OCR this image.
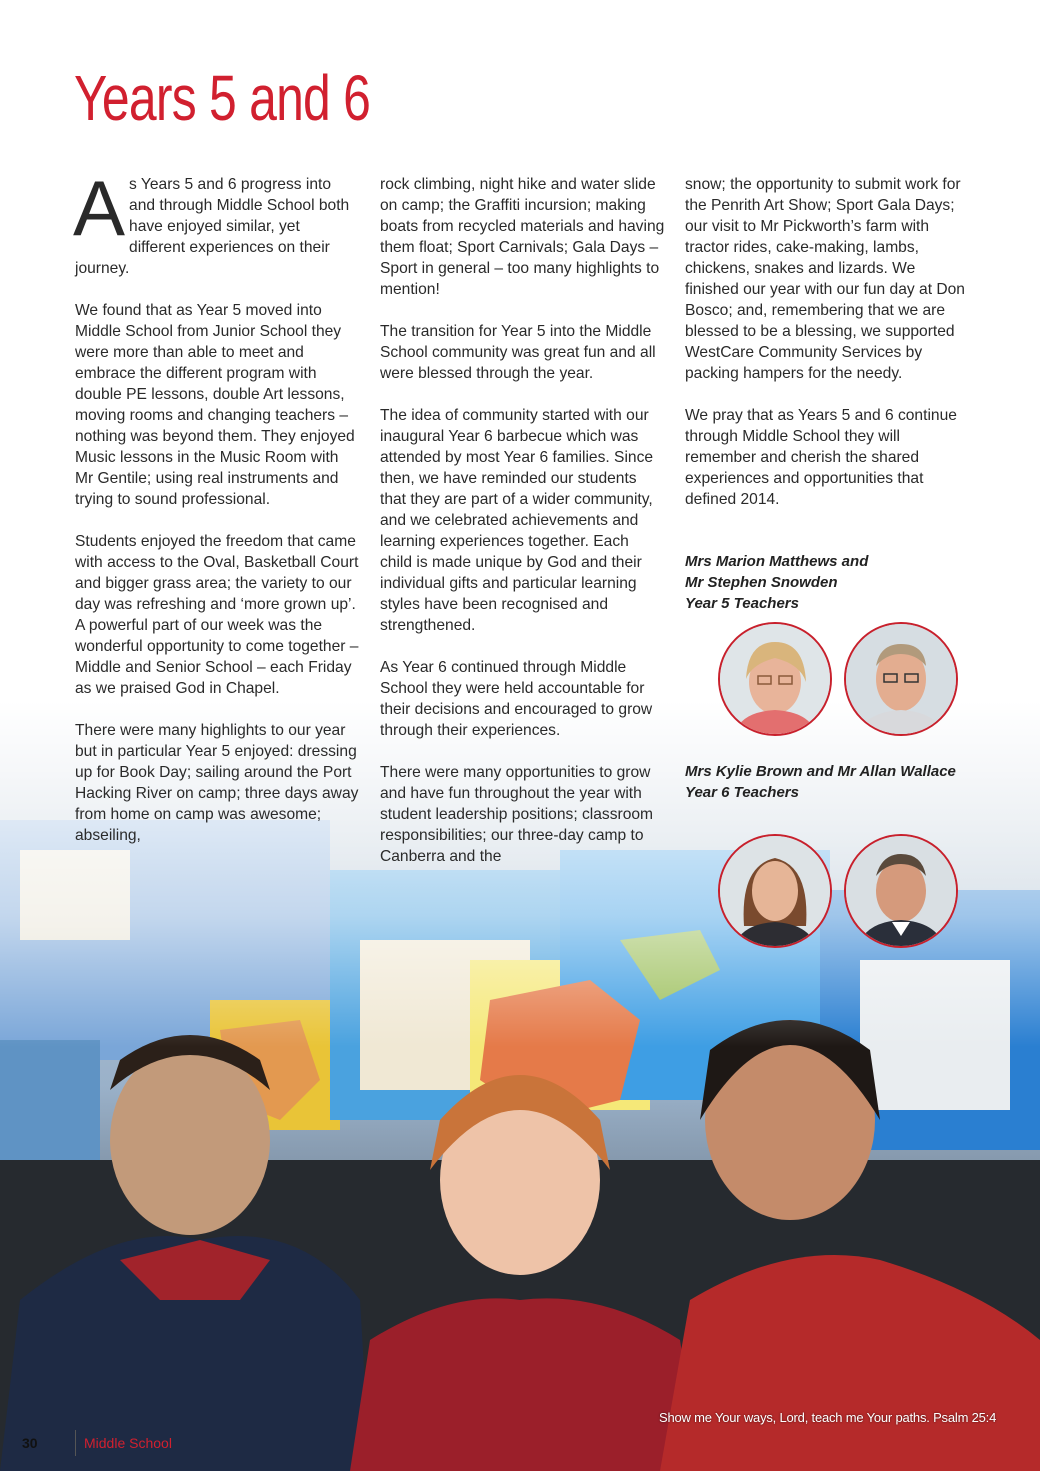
Years 5 and 6

As Years 5 and 6 progress into and through Middle School both have enjoyed similar, yet different experiences on their journey.

We found that as Year 5 moved into Middle School from Junior School they were more than able to meet and embrace the different program with double PE lessons, double Art lessons, moving rooms and changing teachers – nothing was beyond them. They enjoyed Music lessons in the Music Room with Mr Gentile; using real instruments and trying to sound professional.

Students enjoyed the freedom that came with access to the Oval, Basketball Court and bigger grass area; the variety to our day was refreshing and ‘more grown up’. A powerful part of our week was the wonderful opportunity to come together – Middle and Senior School – each Friday as we praised God in Chapel.

There were many highlights to our year but in particular Year 5 enjoyed: dressing up for Book Day; sailing around the Port Hacking River on camp; three days away from home on camp was awesome; abseiling,

rock climbing, night hike and water slide on camp; the Graffiti incursion; making boats from recycled materials and having them float; Sport Carnivals; Gala Days – Sport in general – too many highlights to mention!

The transition for Year 5 into the Middle School community was great fun and all were blessed through the year.

The idea of community started with our inaugural Year 6 barbecue which was attended by most Year 6 families. Since then, we have reminded our students that they are part of a wider community, and we celebrated achievements and learning experiences together. Each child is made unique by God and their individual gifts and particular learning styles have been recognised and strengthened.

As Year 6 continued through Middle School they were held accountable for their decisions and encouraged to grow through their experiences.

There were many opportunities to grow and have fun throughout the year with student leadership positions; classroom responsibilities; our three-day camp to Canberra and the

snow; the opportunity to submit work for the Penrith Art Show; Sport Gala Days; our visit to Mr Pickworth’s farm with tractor rides, cake-making, lambs, chickens, snakes and lizards. We finished our year with our fun day at Don Bosco; and, remembering that we are blessed to be a blessing, we supported WestCare Community Services by packing hampers for the needy.

We pray that as Years 5 and 6 continue through Middle School they will remember and cherish the shared experiences and opportunities that defined 2014.

Mrs Marion Matthews and

Mr Stephen Snowden

Year 5 Teachers

Mrs Kylie Brown and Mr Allan Wallace

Year 6 Teachers

Show me Your ways, Lord, teach me Your paths. Psalm 25:4
30	Middle School
